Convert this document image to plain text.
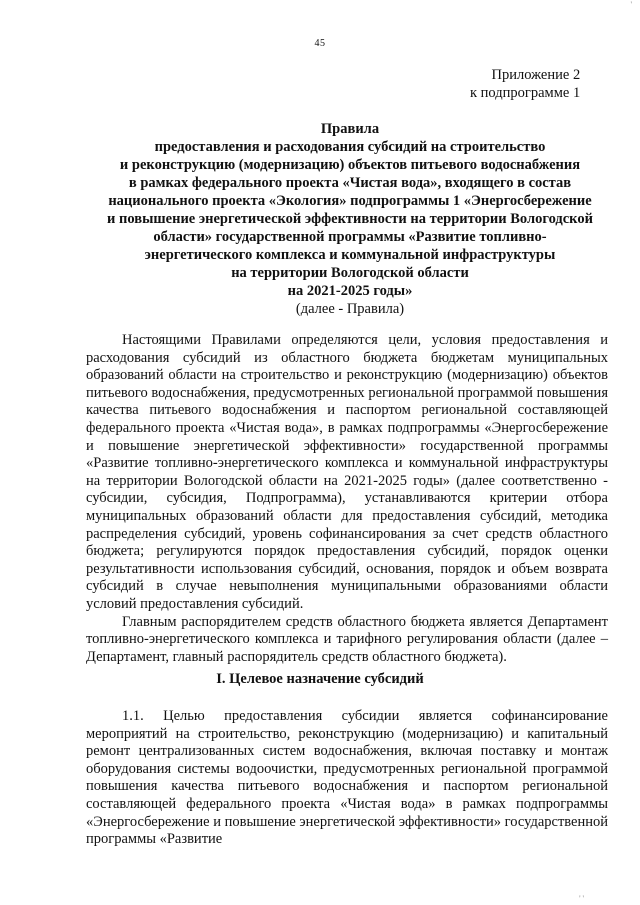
'
45
Приложение 2
к подпрограмме 1
Правила
предоставления и расходования субсидий на строительство
и реконструкцию (модернизацию) объектов питьевого водоснабжения
в рамках федерального проекта «Чистая вода», входящего в состав
национального проекта «Экология» подпрограммы 1 «Энергосбережение
и повышение энергетической эффективности на территории Вологодской
области» государственной программы «Развитие топливно-
энергетического комплекса и коммунальной инфраструктуры
на территории Вологодской области
на 2021-2025 годы»
(далее - Правила)

Настоящими Правилами определяются цели, условия предоставления и расходования субсидий из областного бюджета бюджетам муниципальных образований области на строительство и реконструкцию (модернизацию) объектов питьевого водоснабжения, предусмотренных региональной программой повышения качества питьевого водоснабжения и паспортом региональной составляющей федерального проекта «Чистая вода», в рамках подпрограммы «Энергосбережение и повышение энергетической эффективности» государственной программы «Развитие топливно-энергетического комплекса и коммунальной инфраструктуры на территории Вологодской области на 2021-2025 годы» (далее соответственно - субсидии, субсидия, Подпрограмма), устанавливаются критерии отбора муниципальных образований области для предоставления субсидий, методика распределения субсидий, уровень софинансирования за счет средств областного бюджета; регулируются порядок предоставления субсидий, порядок оценки результативности использования субсидий, основания, порядок и объем возврата субсидий в случае невыполнения муниципальными образованиями области условий предоставления субсидий.

Главным распорядителем средств областного бюджета является Департамент топливно-энергетического комплекса и тарифного регулирования области (далее – Департамент, главный распорядитель средств областного бюджета).

I. Целевое назначение субсидий

1.1. Целью предоставления субсидии является софинансирование мероприятий на строительство, реконструкцию (модернизацию) и капитальный ремонт централизованных систем водоснабжения, включая поставку и монтаж оборудования системы водоочистки, предусмотренных региональной программой повышения качества питьевого водоснабжения и паспортом региональной составляющей федерального проекта «Чистая вода» в рамках подпрограммы «Энергосбережение и повышение энергетической эффективности» государственной программы «Развитие

' '
